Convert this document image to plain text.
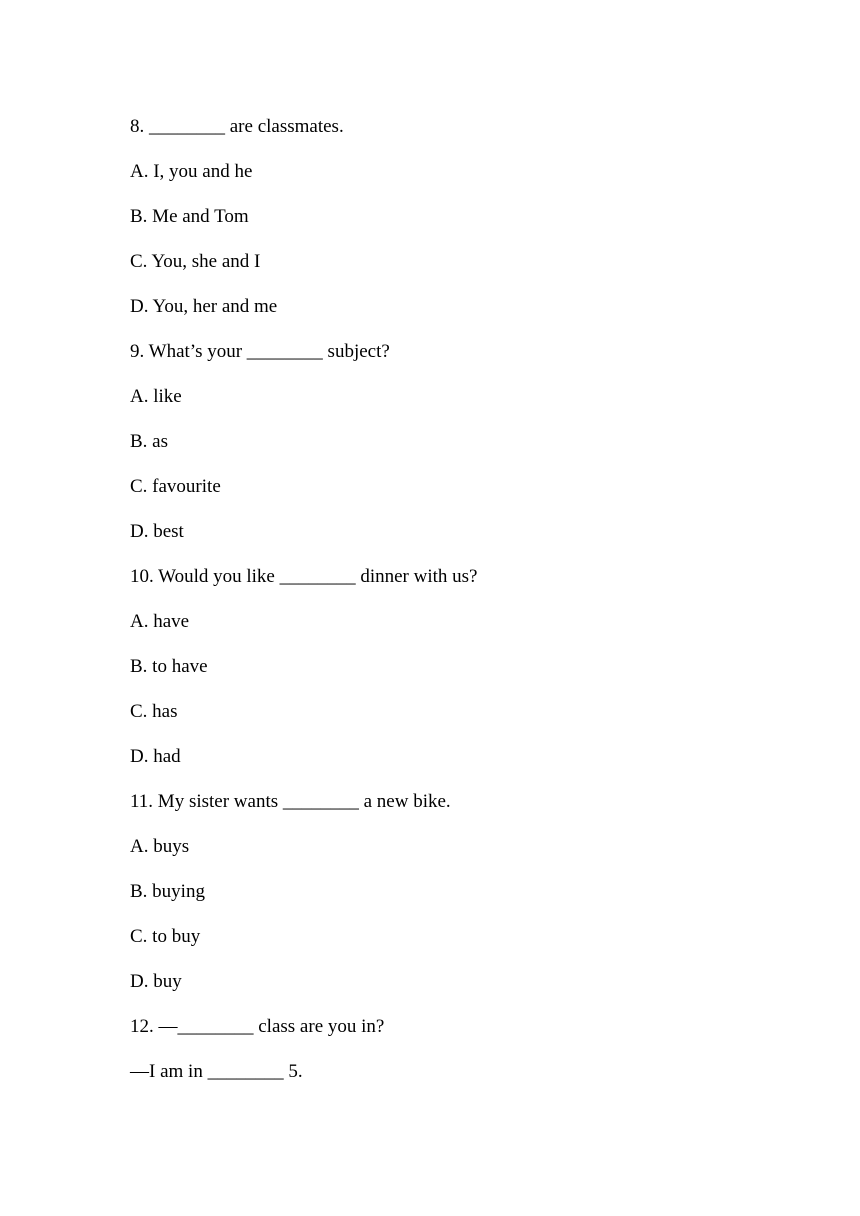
8. ________ are classmates.

A. I, you and he

B. Me and Tom

C. You, she and I

D. You, her and me

9. What’s your ________ subject?

A. like

B. as

C. favourite

D. best

10. Would you like ________ dinner with us?

A. have

B. to have

C. has

D. had

11. My sister wants ________ a new bike.

A. buys

B. buying

C. to buy

D. buy

12. —________ class are you in?

—I am in ________ 5.
